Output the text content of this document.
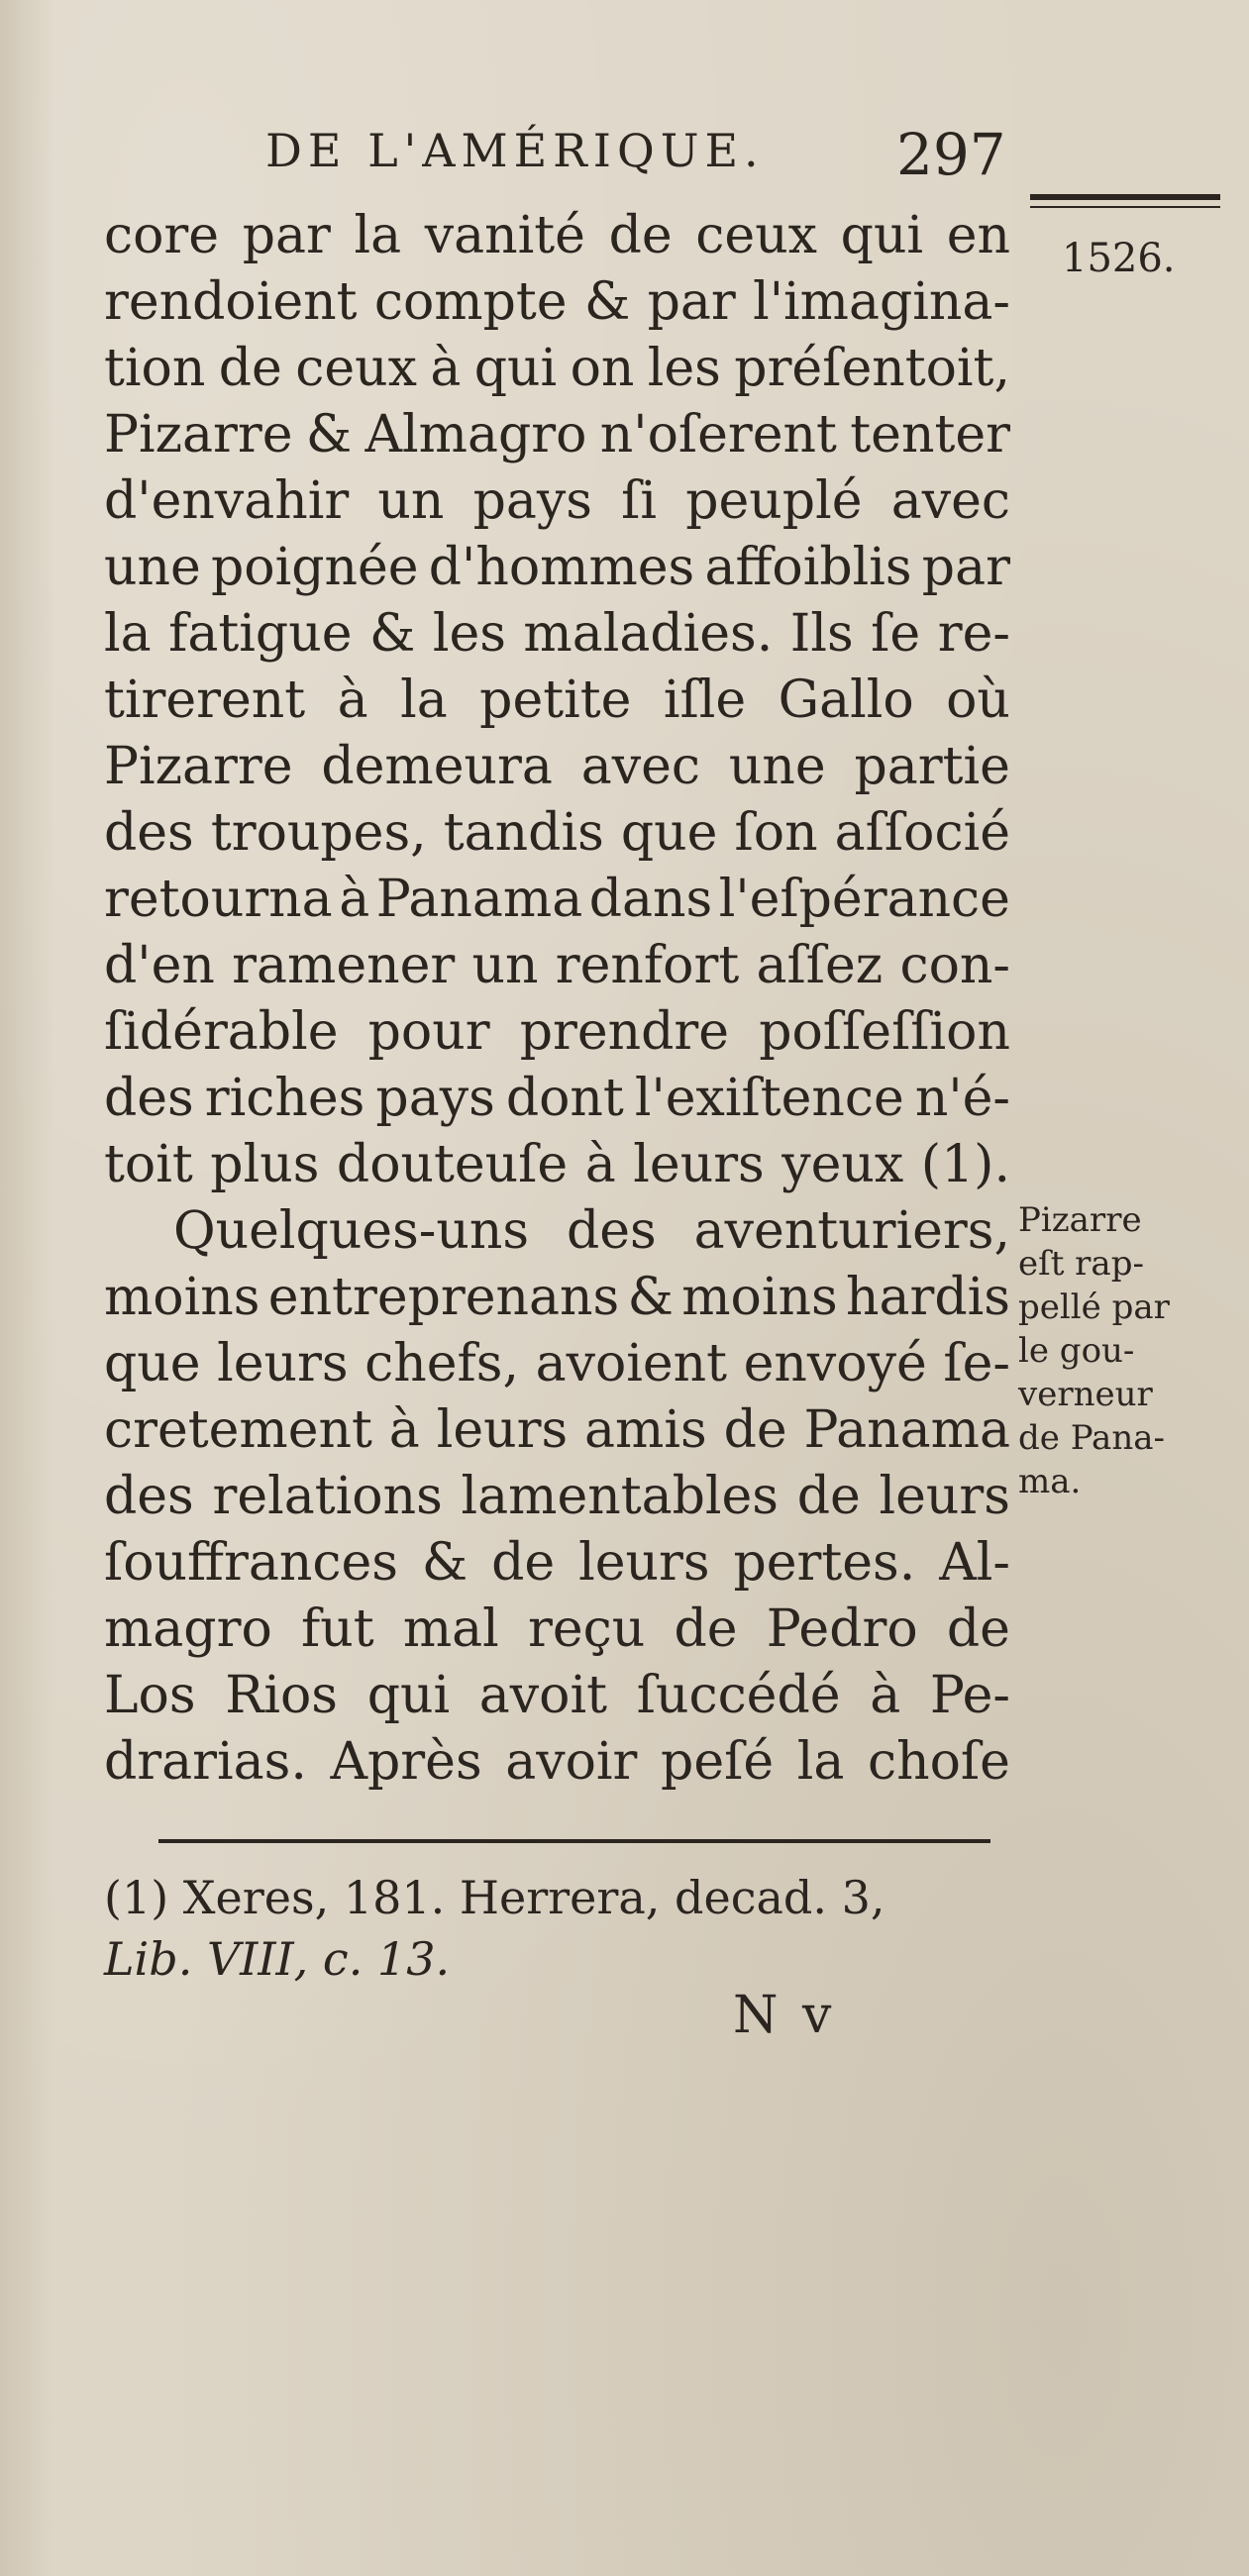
DE L'AMÉRIQUE. 297
1526.
core par la vanité de ceux qui en
rendoient compte & par l'imagina-
tion de ceux à qui on les préſentoit,
Pizarre & Almagro n'oſerent tenter
d'envahir un pays ſi peuplé avec
une poignée d'hommes affoiblis par
la fatigue & les maladies. Ils ſe re-
tirerent à la petite iſle Gallo où
Pizarre demeura avec une partie
des troupes, tandis que ſon aſſocié
retourna à Panama dans l'eſpérance
d'en ramener un renfort aſſez con-
ſidérable pour prendre poſſeſſion
des riches pays dont l'exiſtence n'é-
toit plus douteuſe à leurs yeux (1).
Quelques-uns des aventuriers,
moins entreprenans & moins hardis
que leurs chefs, avoient envoyé ſe-
cretement à leurs amis de Panama
des relations lamentables de leurs
ſouffrances & de leurs pertes. Al-
magro fut mal reçu de Pedro de
Los Rios qui avoit ſuccédé à Pe-
drarias. Après avoir peſé la choſe
Pizarre
eſt rap-
pellé par
le gou-
verneur
de Pana-
ma.
(1) Xeres, 181. Herrera, decad. 3,
Lib. VIII, c. 13.
N v
